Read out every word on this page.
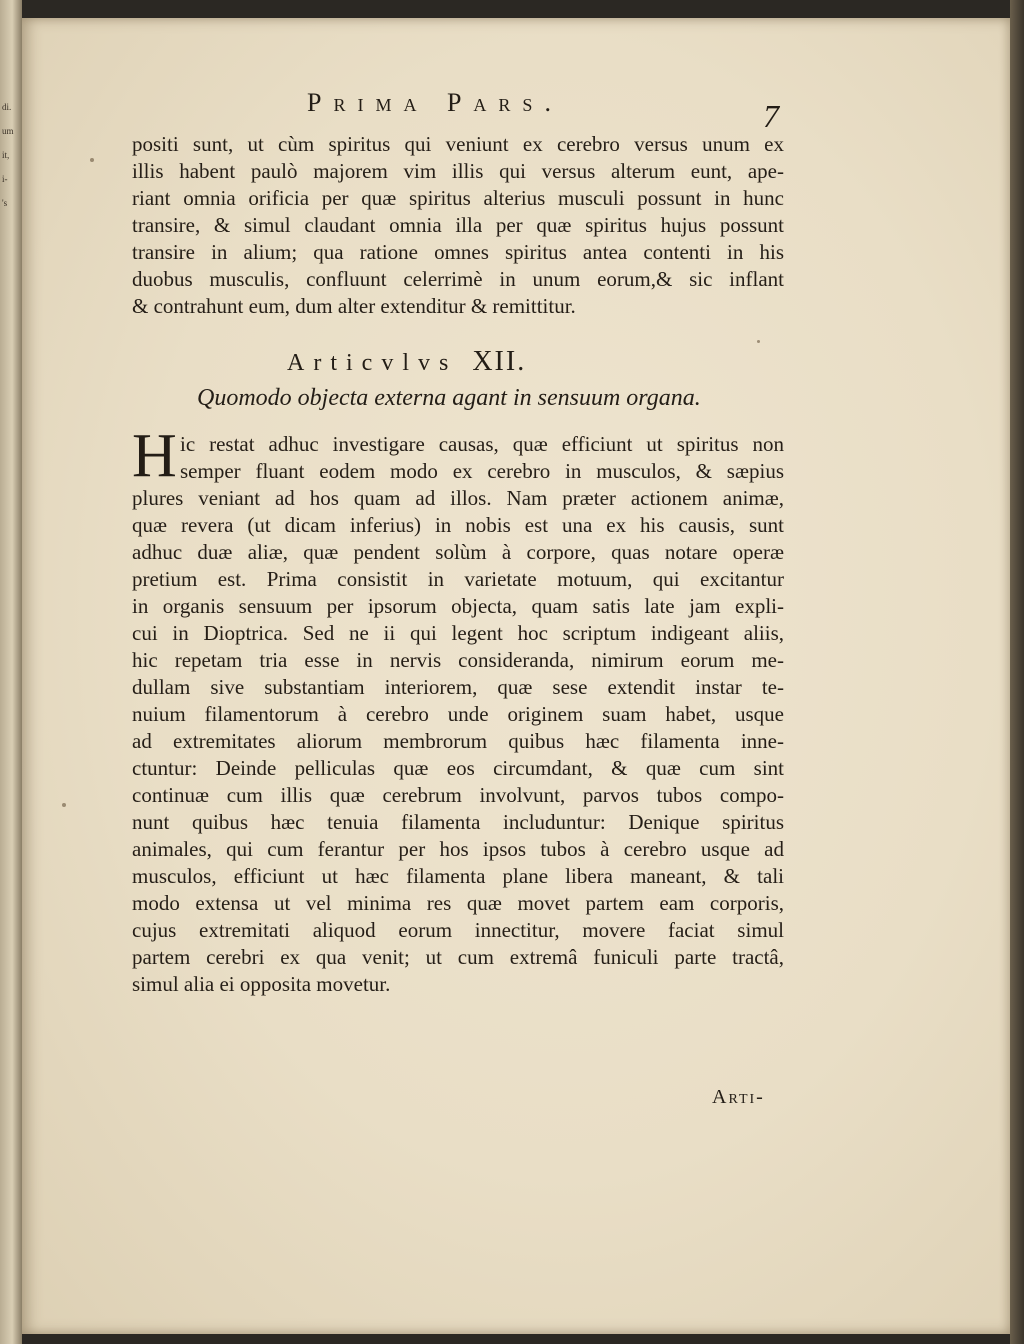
di.
um
it,
i-
's
Prima Pars.	7
positi sunt, ut cùm spiritus qui veniunt ex cerebro versus unum ex
illis habent paulò majorem vim illis qui versus alterum eunt, ape-
riant omnia orificia per quæ spiritus alterius musculi possunt in hunc
transire, & simul claudant omnia illa per quæ spiritus hujus possunt
transire in alium; qua ratione omnes spiritus antea contenti in his
duobus musculis, confluunt celerrimè in unum eorum,& sic inflant
& contrahunt eum, dum alter extenditur & remittitur.
Articvlvs XII.
Quomodo objecta externa agant in sensuum organa.
H ic restat adhuc investigare causas, quæ efficiunt ut spiritus non
semper fluant eodem modo ex cerebro in musculos, & sæpius
plures veniant ad hos quam ad illos. Nam præter actionem animæ,
quæ revera (ut dicam inferius) in nobis est una ex his causis, sunt
adhuc duæ aliæ, quæ pendent solùm à corpore, quas notare operæ
pretium est. Prima consistit in varietate motuum, qui excitantur
in organis sensuum per ipsorum objecta, quam satis late jam expli-
cui in Dioptrica. Sed ne ii qui legent hoc scriptum indigeant aliis,
hic repetam tria esse in nervis consideranda, nimirum eorum me-
dullam sive substantiam interiorem, quæ sese extendit instar te-
nuium filamentorum à cerebro unde originem suam habet, usque
ad extremitates aliorum membrorum quibus hæc filamenta inne-
ctuntur: Deinde pelliculas quæ eos circumdant, & quæ cum sint
continuæ cum illis quæ cerebrum involvunt, parvos tubos compo-
nunt quibus hæc tenuia filamenta includuntur: Denique spiritus
animales, qui cum ferantur per hos ipsos tubos à cerebro usque ad
musculos, efficiunt ut hæc filamenta plane libera maneant, & tali
modo extensa ut vel minima res quæ movet partem eam corporis,
cujus extremitati aliquod eorum innectitur, movere faciat simul
partem cerebri ex qua venit; ut cum extremâ funiculi parte tractâ,
simul alia ei opposita movetur.
Arti-
